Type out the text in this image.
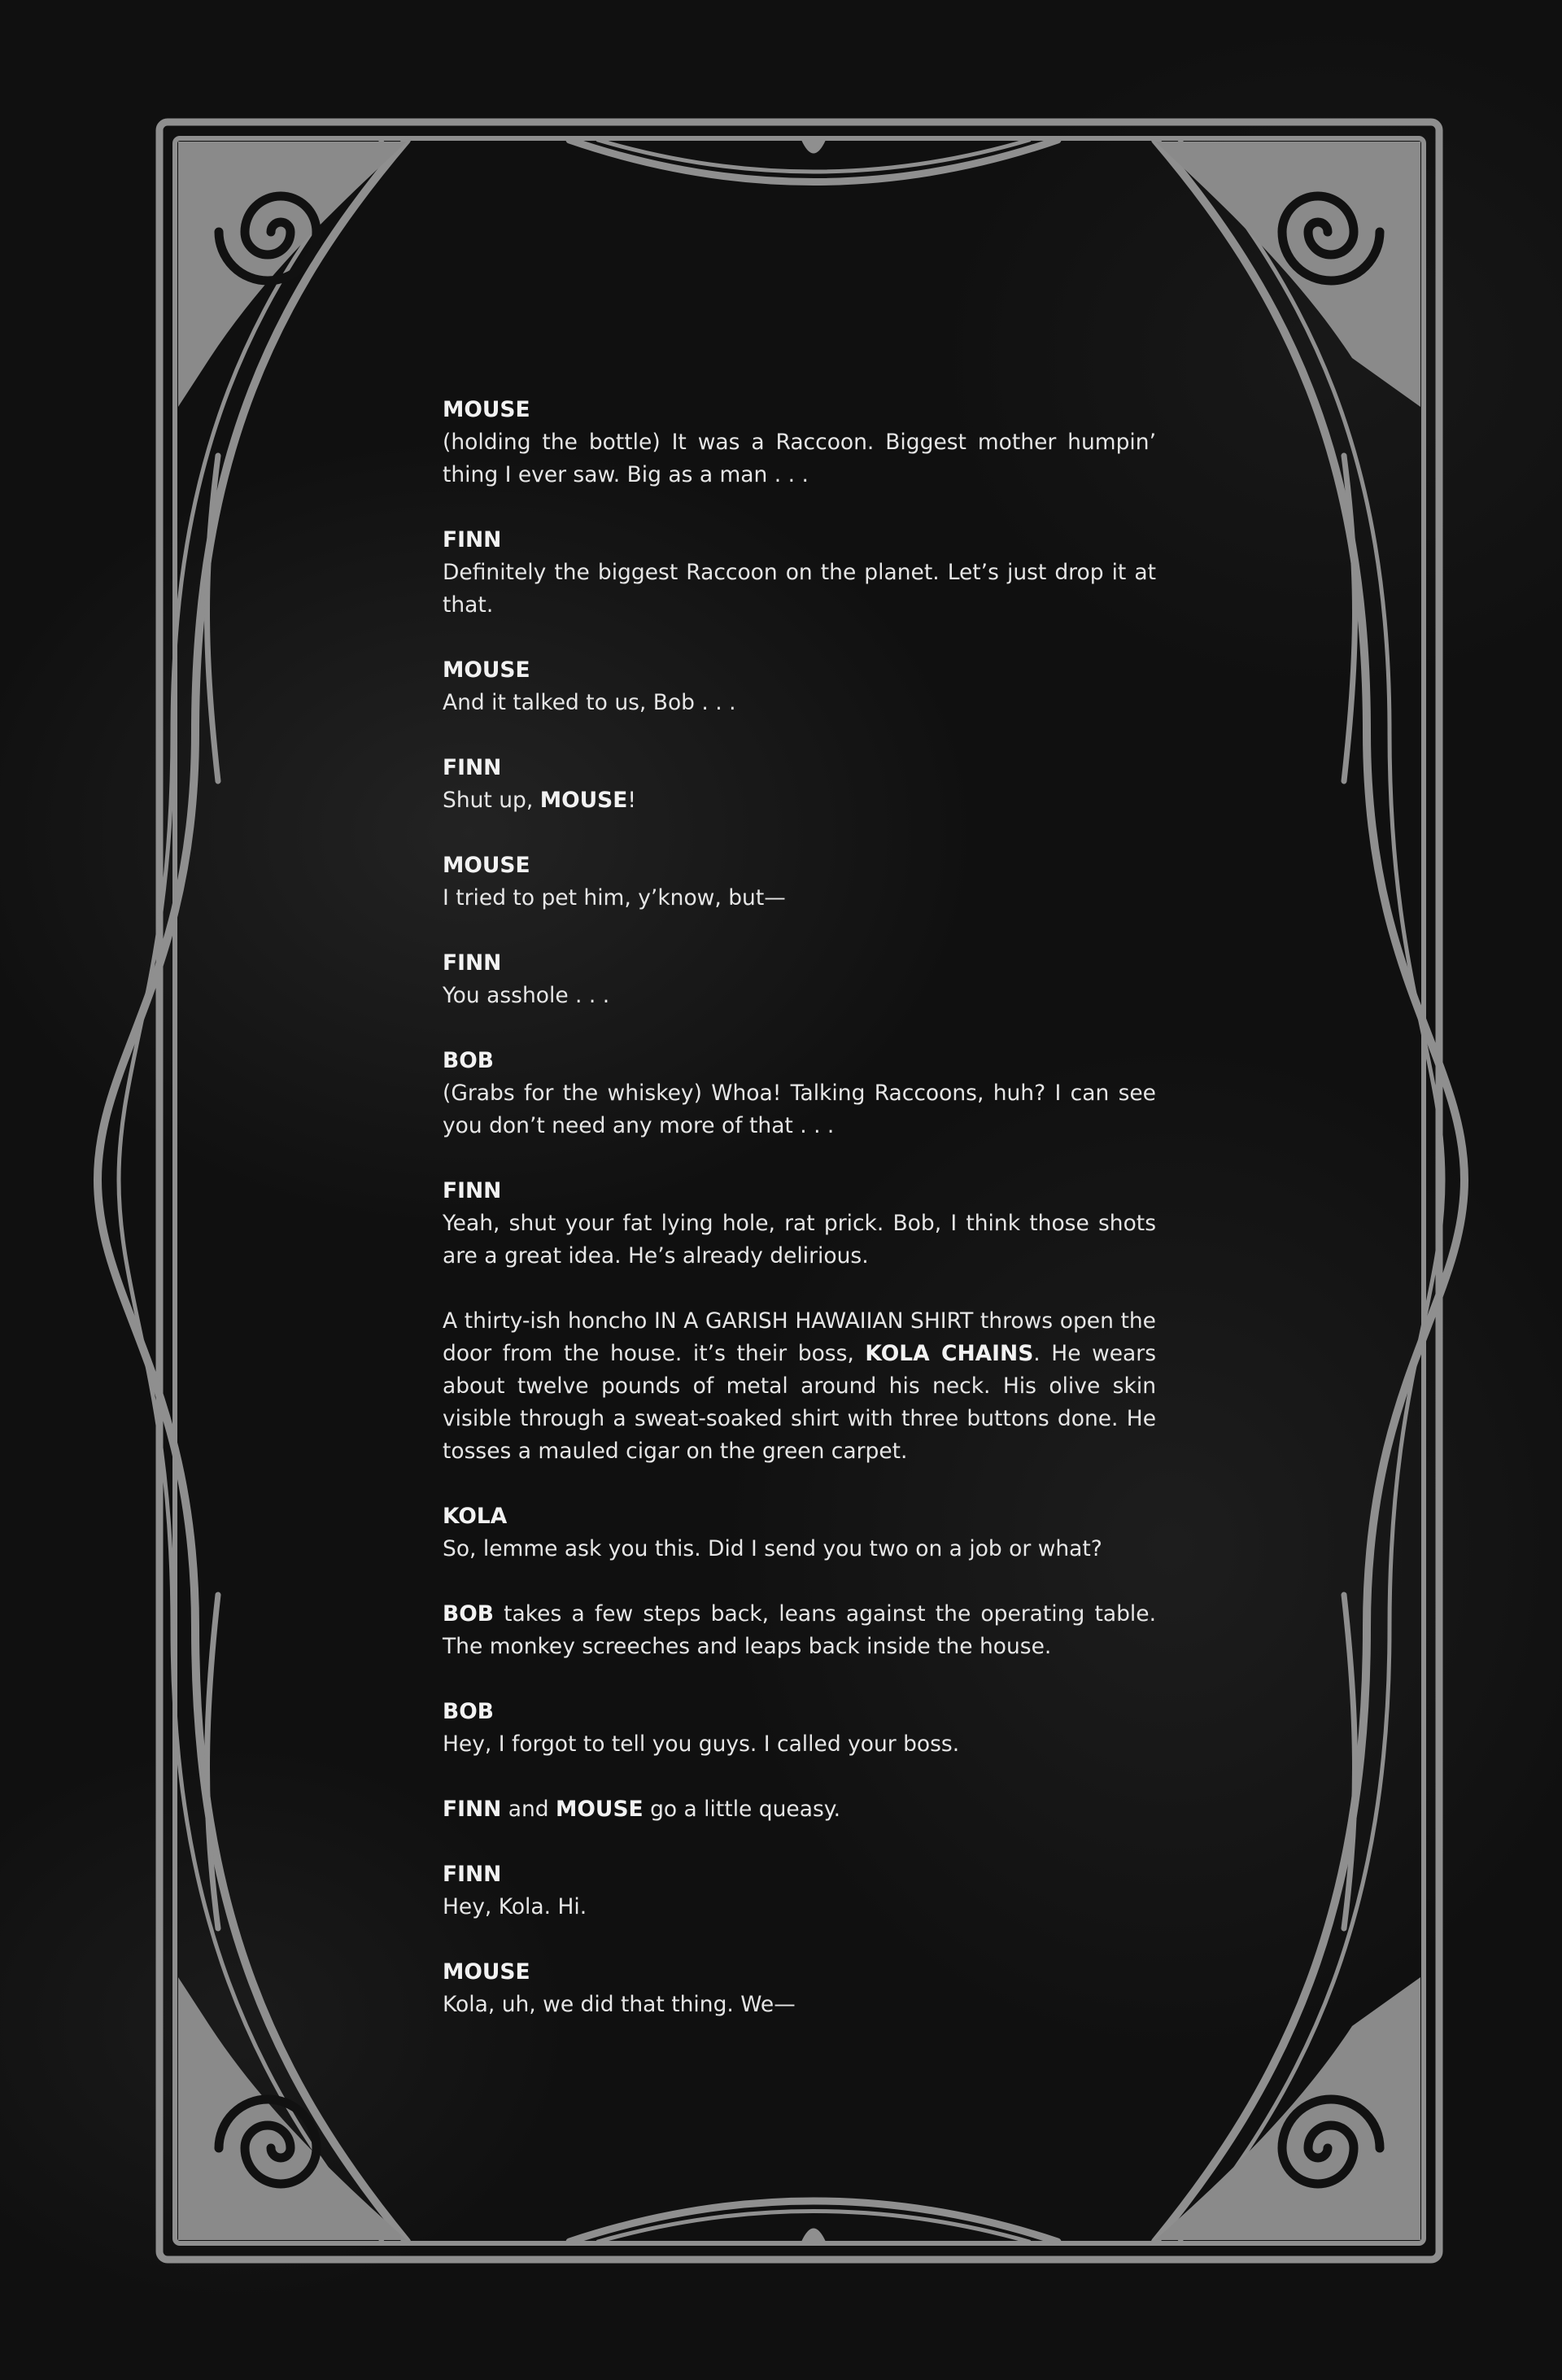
MOUSE
(holding the bottle) It was a Raccoon. Biggest mother humpin’ thing I ever saw. Big as a man . . .
FINN
Definitely the biggest Raccoon on the planet. Let’s just drop it at that.
MOUSE
And it talked to us, Bob . . .
FINN
Shut up, MOUSE!
MOUSE
I tried to pet him, y’know, but—
FINN
You asshole . . .
BOB
(Grabs for the whiskey) Whoa! Talking Raccoons, huh? I can see you don’t need any more of that . . .
FINN
Yeah, shut your fat lying hole, rat prick. Bob, I think those shots are a great idea. He’s already delirious.
A thirty-ish honcho IN A GARISH HAWAIIAN SHIRT throws open the door from the house. it’s their boss, KOLA CHAINS. He wears about twelve pounds of metal around his neck. His olive skin visible through a sweat-soaked shirt with three buttons done. He tosses a mauled cigar on the green carpet.
KOLA
So, lemme ask you this. Did I send you two on a job or what?
BOB takes a few steps back, leans against the operating table. The monkey screeches and leaps back inside the house.
BOB
Hey, I forgot to tell you guys. I called your boss.
FINN and MOUSE go a little queasy.
FINN
Hey, Kola. Hi.
MOUSE
Kola, uh, we did that thing. We—
